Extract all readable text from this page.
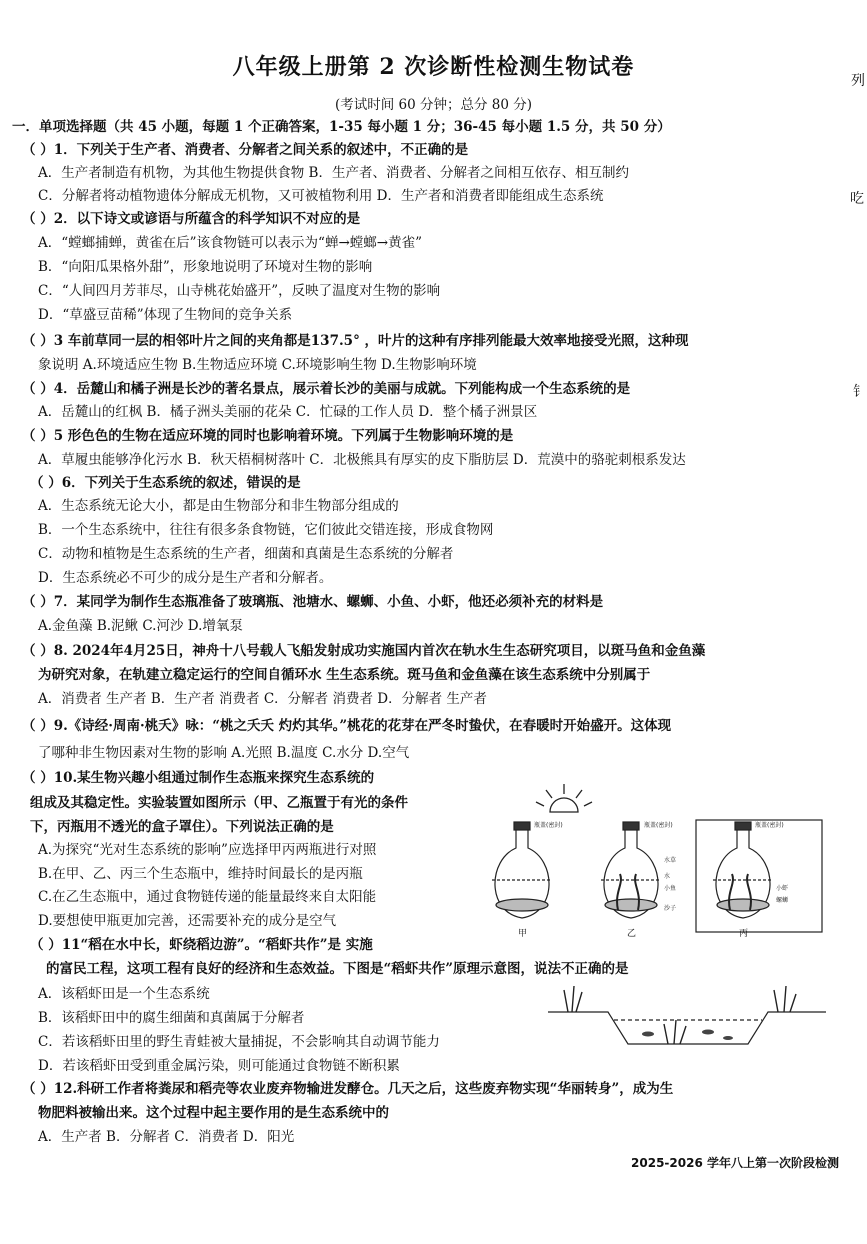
八年级上册第 2 次诊断性检测生物试卷
(考试时间 60 分钟；总分 80 分)
一．单项选择题（共 45 小题，每题 1 个正确答案，1-35 每小题 1 分；36-45 每小题 1.5 分，共 50 分）
（ ）1．下列关于生产者、消费者、分解者之间关系的叙述中，不正确的是
A．生产者制造有机物，为其他生物提供食物 B．生产者、消费者、分解者之间相互依存、相互制约
C．分解者将动植物遗体分解成无机物，又可被植物利用 D．生产者和消费者即能组成生态系统
（ ）2．以下诗文或谚语与所蕴含的科学知识不对应的是
A．“螳螂捕蝉，黄雀在后”该食物链可以表示为“蝉→螳螂→黄雀”
B．“向阳瓜果格外甜”，形象地说明了环境对生物的影响
C．“人间四月芳菲尽，山寺桃花始盛开”，反映了温度对生物的影响
D．“草盛豆苗稀”体现了生物间的竞争关系
（ ）3 车前草同一层的相邻叶片之间的夹角都是137.5° ，叶片的这种有序排列能最大效率地接受光照，这种现
象说明 A.环境适应生物 B.生物适应环境 C.环境影响生物 D.生物影响环境
（ ）4．岳麓山和橘子洲是长沙的著名景点，展示着长沙的美丽与成就。下列能构成一个生态系统的是
A．岳麓山的红枫 B．橘子洲头美丽的花朵 C．忙碌的工作人员 D．整个橘子洲景区
（ ）5 形色色的生物在适应环境的同时也影响着环境。下列属于生物影响环境的是
A．草履虫能够净化污水 B．秋天梧桐树落叶 C．北极熊具有厚实的皮下脂肪层 D．荒漠中的骆驼刺根系发达
（ ）6．下列关于生态系统的叙述，错误的是
A．生态系统无论大小，都是由生物部分和非生物部分组成的
B．一个生态系统中，往往有很多条食物链，它们彼此交错连接，形成食物网
C．动物和植物是生态系统的生产者，细菌和真菌是生态系统的分解者
D．生态系统必不可少的成分是生产者和分解者。
（ ）7．某同学为制作生态瓶准备了玻璃瓶、池塘水、螺蛳、小鱼、小虾，他还必须补充的材料是
A.金鱼藻 B.泥鳅 C.河沙 D.增氧泵
（ ）8. 2024年4月25日，神舟十八号载人飞船发射成功实施国内首次在轨水生生态研究项目，以斑马鱼和金鱼藻
为研究对象，在轨建立稳定运行的空间自循环水 生生态系统。斑马鱼和金鱼藻在该生态系统中分别属于
A．消费者 生产者 B．生产者 消费者 C．分解者 消费者 D．分解者 生产者
（ ）9.《诗经·周南·桃夭》咏：“桃之夭夭 灼灼其华。”桃花的花芽在严冬时蛰伏，在春暖时开始盛开。这体现
了哪种非生物因素对生物的影响 A.光照 B.温度 C.水分 D.空气
（ ）10.某生物兴趣小组通过制作生态瓶来探究生态系统的
组成及其稳定性。实验装置如图所示（甲、乙瓶置于有光的条件
下，丙瓶用不透光的盒子罩住）。下列说法正确的是
A.为探究“光对生态系统的影响”应选择甲丙两瓶进行对照
B.在甲、乙、丙三个生态瓶中，维持时间最长的是丙瓶
C.在乙生态瓶中，通过食物链传递的能量最终来自太阳能
D.要想使甲瓶更加完善，还需要补充的成分是空气
（ ）11“稻在水中长，虾绕稻边游”。“稻虾共作”是 实施
的富民工程，这项工程有良好的经济和生态效益。下图是“稻虾共作”原理示意图，说法不正确的是
A．该稻虾田是一个生态系统
B．该稻虾田中的腐生细菌和真菌属于分解者
C．若该稻虾田里的野生青蛙被大量捕捉，不会影响其自动调节能力
D．若该稻虾田受到重金属污染，则可能通过食物链不断积累
（ ）12.科研工作者将粪尿和稻壳等农业废弃物输进发酵仓。几天之后，这些废弃物实现“华丽转身”，成为生
物肥料被输出来。这个过程中起主要作用的是生态系统中的
A．生产者 B．分解者 C．消费者 D．阳光
列
吃
钅
瓶盖(密封)	瓶盖(密封)	瓶盖(密封)
水草
水
小鱼	小虾
螺蛳
沙子
甲	乙	丙
2025-2026 学年八上第一次阶段检测
